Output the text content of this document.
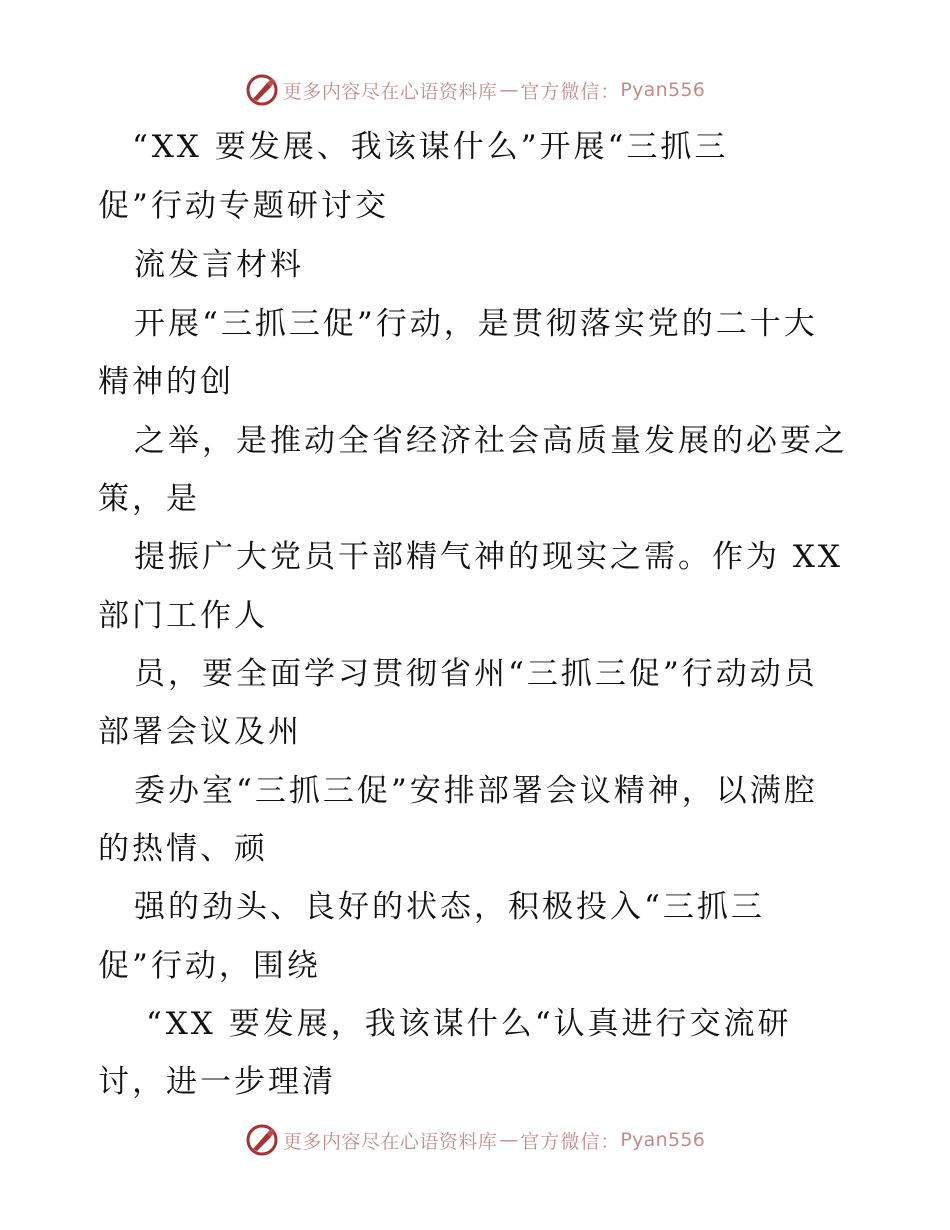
更多内容尽在心语资料库 — 官方微信： Pyan556
“XX 要发展、我该谋什么”开展“三抓三
促”行动专题研讨交
流发言材料
开展“三抓三促”行动，是贯彻落实党的二十大
精神的创
之举，是推动全省经济社会高质量发展的必要之
策，是
提振广大党员干部精气神的现实之需。作为 XX
部门工作人
员，要全面学习贯彻省州“三抓三促”行动动员
部署会议及州
委办室“三抓三促”安排部署会议精神，以满腔
的热情、顽
强的劲头、良好的状态，积极投入“三抓三
促”行动，围绕
“XX 要发展，我该谋什么“认真进行交流研
讨，进一步理清
更多内容尽在心语资料库 — 官方微信： Pyan556
